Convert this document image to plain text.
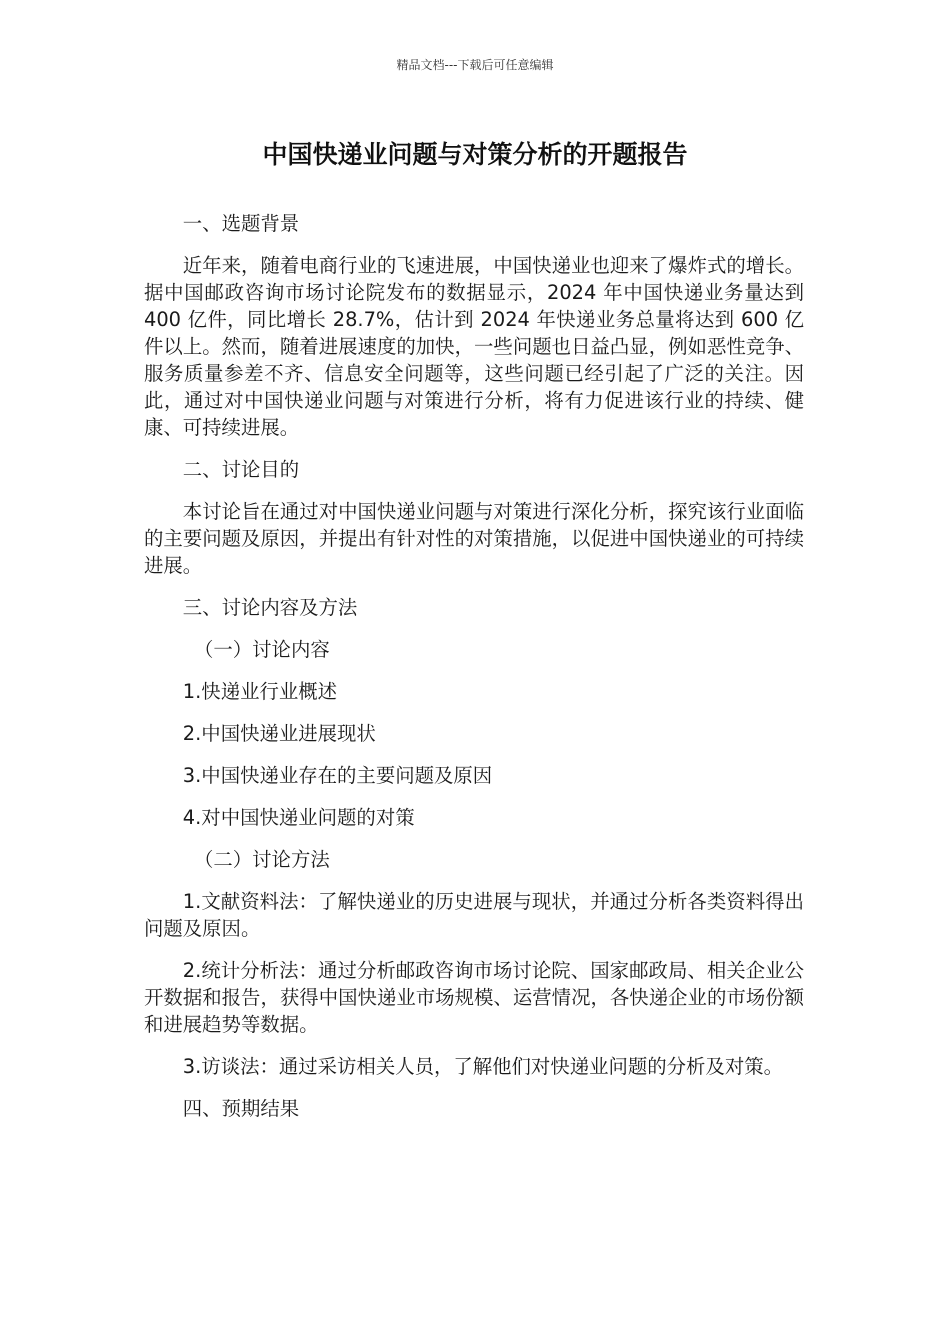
精品文档---下载后可任意编辑
中国快递业问题与对策分析的开题报告

一、选题背景

近年来，随着电商行业的飞速进展，中国快递业也迎来了爆炸式的增长。据中国邮政咨询市场讨论院发布的数据显示，2024 年中国快递业务量达到 400 亿件，同比增长 28.7%，估计到 2024 年快递业务总量将达到 600 亿件以上。然而，随着进展速度的加快，一些问题也日益凸显，例如恶性竞争、服务质量参差不齐、信息安全问题等，这些问题已经引起了广泛的关注。因此，通过对中国快递业问题与对策进行分析，将有力促进该行业的持续、健康、可持续进展。

二、讨论目的

本讨论旨在通过对中国快递业问题与对策进行深化分析，探究该行业面临的主要问题及原因，并提出有针对性的对策措施，以促进中国快递业的可持续进展。

三、讨论内容及方法

（一）讨论内容

1.快递业行业概述

2.中国快递业进展现状

3.中国快递业存在的主要问题及原因

4.对中国快递业问题的对策

（二）讨论方法

1.文献资料法：了解快递业的历史进展与现状，并通过分析各类资料得出问题及原因。

2.统计分析法：通过分析邮政咨询市场讨论院、国家邮政局、相关企业公开数据和报告，获得中国快递业市场规模、运营情况，各快递企业的市场份额和进展趋势等数据。

3.访谈法：通过采访相关人员，了解他们对快递业问题的分析及对策。

四、预期结果
